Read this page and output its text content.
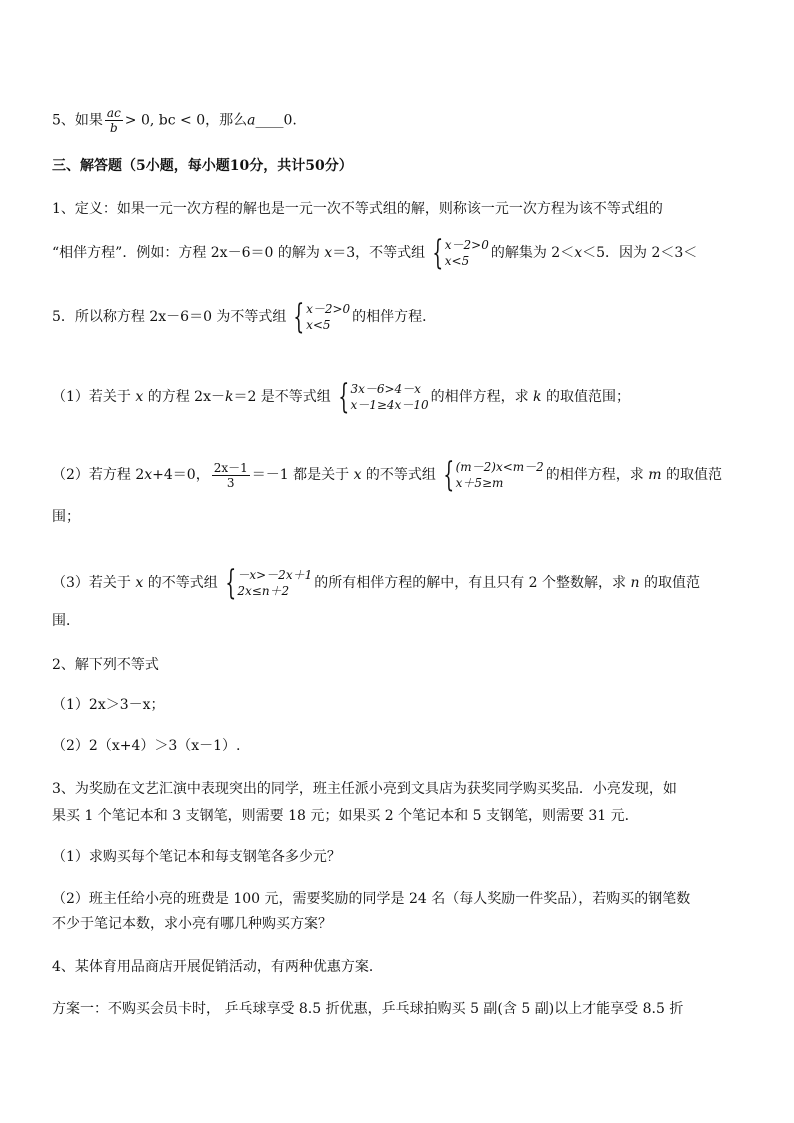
5、如果 $\frac{ac}{b} > 0$, bc < 0，那么a____0.
三、解答题（5小题，每小题10分，共计50分）
1、定义：如果一元一次方程的解也是一元一次不等式组的解，则称该一元一次方程为该不等式组的
“相伴方程”．例如：方程 2x－6＝0 的解为 x＝3，不等式组 { x－2>0
x<5	的解集为 2＜x＜5．因为 2＜3＜
5．所以称方程 2x－6＝0 为不等式组 { x－2>0
x<5	的相伴方程．
（1）若关于 x 的方程 2x－k＝2 是不等式组 { 3x－6>4－x
x－1≥4x－10 的相伴方程，求 k 的取值范围；
（2）若方程 2x+4＝0， $\frac{2x-1}{3} =-1$ 都是关于 x 的不等式组 { (m－2)x<m－2
x＋5≥m	的相伴方程，求 m 的取值范
围；
（3）若关于 x 的不等式组 { －x>－2x＋1
2x≤n＋2	的所有相伴方程的解中，有且只有 2 个整数解，求 n 的取值范
围．
2、解下列不等式
（1）2x＞3－x；
（2）2（x+4）＞3（x－1）.
3、为奖励在文艺汇演中表现突出的同学，班主任派小亮到文具店为获奖同学购买奖品．小亮发现，如
果买 1 个笔记本和 3 支钢笔，则需要 18 元；如果买 2 个笔记本和 5 支钢笔，则需要 31 元．
（1）求购买每个笔记本和每支钢笔各多少元？
（2）班主任给小亮的班费是 100 元，需要奖励的同学是 24 名（每人奖励一件奖品），若购买的钢笔数
不少于笔记本数，求小亮有哪几种购买方案？
4、某体育用品商店开展促销活动，有两种优惠方案．
方案一：不购买会员卡时， 乒乓球享受 8.5 折优惠，乒乓球拍购买 5 副(含 5 副)以上才能享受 8.5 折
